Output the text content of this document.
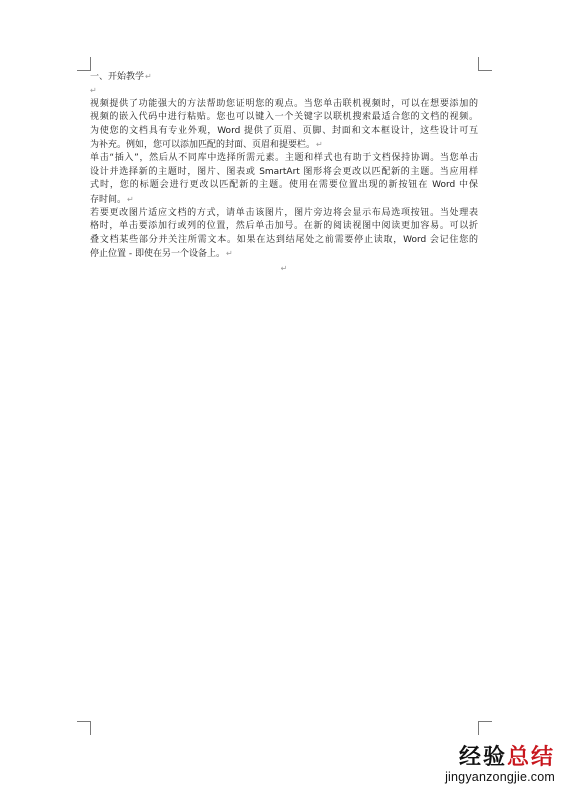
一、开始教学↵
↵
视频提供了功能强大的方法帮助您证明您的观点。当您单击联机视频时，可以在想要添加的
视频的嵌入代码中进行粘贴。您也可以键入一个关键字以联机搜索最适合您的文档的视频。
为使您的文档具有专业外观，Word 提供了页眉、页脚、封面和文本框设计，这些设计可互
为补充。例如，您可以添加匹配的封面、页眉和提要栏。↵
单击“插入”，然后从不同库中选择所需元素。主题和样式也有助于文档保持协调。当您单击
设计并选择新的主题时，图片、图表或 SmartArt 图形将会更改以匹配新的主题。当应用样
式时，您的标题会进行更改以匹配新的主题。使用在需要位置出现的新按钮在 Word 中保
存时间。↵
若要更改图片适应文档的方式，请单击该图片，图片旁边将会显示布局选项按钮。当处理表
格时，单击要添加行或列的位置，然后单击加号。在新的阅读视图中阅读更加容易。可以折
叠文档某些部分并关注所需文本。如果在达到结尾处之前需要停止读取，Word 会记住您的
停止位置 - 即使在另一个设备上。↵
↵
经验总结
jingyanzongjie.com
